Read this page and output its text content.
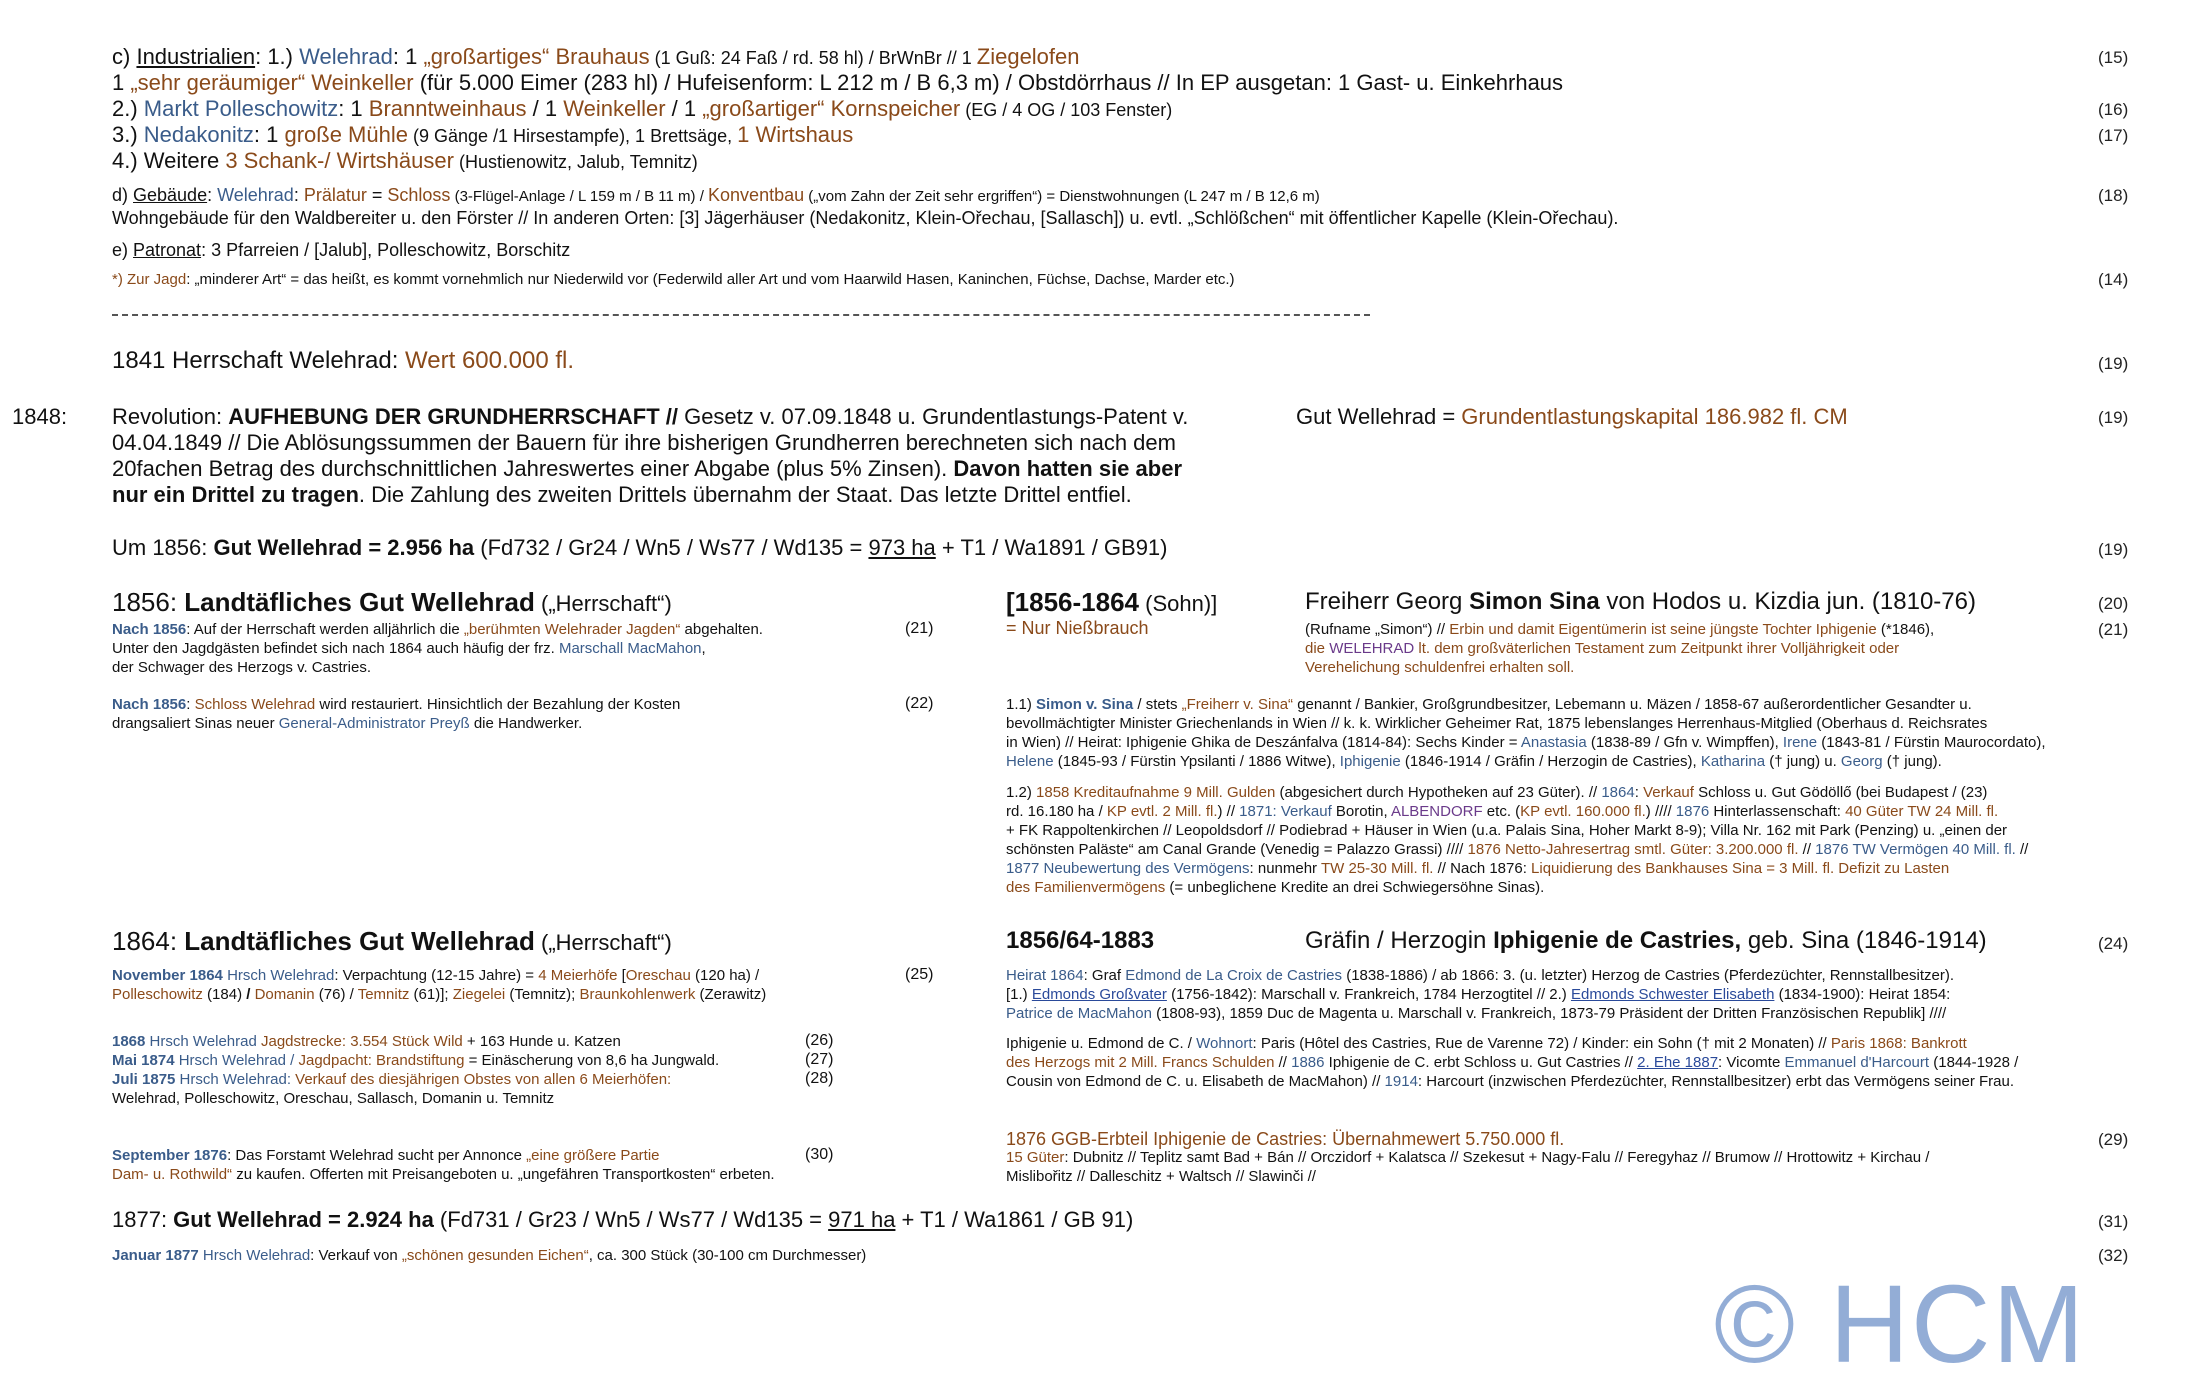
c) Industrialien: 1.) Welehrad: 1 „großartiges“ Brauhaus (1 Guß: 24 Faß / rd. 58 hl) / BrWnBr // 1 Ziegelofen	(15)
1 „sehr geräumiger“ Weinkeller (für 5.000 Eimer (283 hl) / Hufeisenform: L 212 m / B 6,3 m) / Obstdörrhaus // In EP ausgetan: 1 Gast- u. Einkehrhaus
2.) Markt Polleschowitz: 1 Branntweinhaus / 1 Weinkeller / 1 „großartiger“ Kornspeicher (EG / 4 OG / 103 Fenster)	(16)
3.) Nedakonitz: 1 große Mühle (9 Gänge /1 Hirsestampfe), 1 Brettsäge, 1 Wirtshaus	(17)
4.) Weitere 3 Schank-/ Wirtshäuser (Hustienowitz, Jalub, Temnitz)
d) Gebäude: Welehrad: Prälatur = Schloss (3-Flügel-Anlage / L 159 m / B 11 m) / Konventbau („vom Zahn der Zeit sehr ergriffen“) = Dienstwohnungen (L 247 m / B 12,6 m)	(18)
Wohngebäude für den Waldbereiter u. den Förster // In anderen Orten: [3] Jägerhäuser (Nedakonitz, Klein-Ořechau, [Sallasch]) u. evtl. „Schlößchen“ mit öffentlicher Kapelle (Klein-Ořechau).
e) Patronat: 3 Pfarreien / [Jalub], Polleschowitz, Borschitz
*) Zur Jagd: „minderer Art“ = das heißt, es kommt vornehmlich nur Niederwild vor (Federwild aller Art und vom Haarwild Hasen, Kaninchen, Füchse, Dachse, Marder etc.)	(14)
1841 Herrschaft Welehrad: Wert 600.000 fl.	(19)
1848: Revolution: AUFHEBUNG DER GRUNDHERRSCHAFT // Gesetz v. 07.09.1848 u. Grundentlastungs-Patent v. 04.04.1849 // Die Ablösungssummen der Bauern für ihre bisherigen Grundherren berechneten sich nach dem 20fachen Betrag des durchschnittlichen Jahreswertes einer Abgabe (plus 5% Zinsen). Davon hatten sie aber nur ein Drittel zu tragen. Die Zahlung des zweiten Drittels übernahm der Staat. Das letzte Drittel entfiel.
Gut Wellehrad = Grundentlastungskapital 186.982 fl. CM	(19)
Um 1856: Gut Wellehrad = 2.956 ha (Fd732 / Gr24 / Wn5 / Ws77 / Wd135 = 973 ha + T1 / Wa1891 / GB91)	(19)
1856: Landtäfliches Gut Wellehrad („Herrschaft“)
Nach 1856: Auf der Herrschaft werden alljährlich die „berühmten Welehrader Jagden“ abgehalten.
Unter den Jagdgästen befindet sich nach 1864 auch häufig der frz. Marschall MacMahon,
der Schwager des Herzogs v. Castries.
(21)
Nach 1856: Schloss Welehrad wird restauriert. Hinsichtlich der Bezahlung der Kosten
drangsaliert Sinas neuer General-Administrator Preyß die Handwerker.
(22)
[1856-1864 (Sohn)]
= Nur Nießbrauch
Freiherr Georg Simon Sina von Hodos u. Kizdia jun. (1810-76)	(20)
(Rufname „Simon“) // Erbin und damit Eigentümerin ist seine jüngste Tochter Iphigenie (*1846),	(21)
die WELEHRAD lt. dem großväterlichen Testament zum Zeitpunkt ihrer Volljährigkeit oder
Verehelichung schuldenfrei erhalten soll.
1.1) Simon v. Sina / stets „Freiherr v. Sina“ genannt / Bankier, Großgrundbesitzer, Lebemann u. Mäzen / 1858-67 außerordentlicher Gesandter u.
bevollmächtigter Minister Griechenlands in Wien // k. k. Wirklicher Geheimer Rat, 1875 lebenslanges Herrenhaus-Mitglied (Oberhaus d. Reichsrates
in Wien) // Heirat: Iphigenie Ghika de Deszánfalva (1814-84): Sechs Kinder = Anastasia (1838-89 / Gfn v. Wimpffen), Irene (1843-81 / Fürstin Maurocordato),
Helene (1845-93 / Fürstin Ypsilanti / 1886 Witwe), Iphigenie (1846-1914 / Gräfin / Herzogin de Castries), Katharina († jung) u. Georg († jung).
1.2) 1858 Kreditaufnahme 9 Mill. Gulden (abgesichert durch Hypotheken auf 23 Güter). // 1864: Verkauf Schloss u. Gut Gödöllő (bei Budapest / (23)
rd. 16.180 ha / KP evtl. 2 Mill. fl.) // 1871: Verkauf Borotin, ALBENDORF etc. (KP evtl. 160.000 fl.) //// 1876 Hinterlassenschaft: 40 Güter TW 24 Mill. fl.
+ FK Rappoltenkirchen // Leopoldsdorf // Podiebrad + Häuser in Wien (u.a. Palais Sina, Hoher Markt 8-9); Villa Nr. 162 mit Park (Penzing) u. „einen der
schönsten Paläste“ am Canal Grande (Venedig = Palazzo Grassi) //// 1876 Netto-Jahresertrag smtl. Güter: 3.200.000 fl. // 1876 TW Vermögen 40 Mill. fl. //
1877 Neubewertung des Vermögens: nunmehr TW 25-30 Mill. fl. // Nach 1876: Liquidierung des Bankhauses Sina = 3 Mill. fl. Defizit zu Lasten
des Familienvermögens (= unbeglichene Kredite an drei Schwiegersöhne Sinas).
1864: Landtäfliches Gut Wellehrad („Herrschaft“)
November 1864 Hrsch Welehrad: Verpachtung (12-15 Jahre) = 4 Meierhöfe [Oreschau (120 ha) /
Polleschowitz (184) / Domanin (76) / Temnitz (61)]; Ziegelei (Temnitz); Braunkohlenwerk (Zerawitz)
(25)
1868 Hrsch Welehrad Jagdstrecke: 3.554 Stück Wild + 163 Hunde u. Katzen	(26)
Mai 1874 Hrsch Welehrad / Jagdpacht: Brandstiftung = Einäscherung von 8,6 ha Jungwald.	(27)
Juli 1875 Hrsch Welehrad: Verkauf des diesjährigen Obstes von allen 6 Meierhöfen:	(28)
Welehrad, Polleschowitz, Oreschau, Sallasch, Domanin u. Temnitz
September 1876: Das Forstamt Welehrad sucht per Annonce „eine größere Partie	(30)
Dam- u. Rothwild“ zu kaufen. Offerten mit Preisangeboten u. „ungefähren Transportkosten“ erbeten.
1856/64-1883	Gräfin / Herzogin Iphigenie de Castries, geb. Sina (1846-1914)	(24)
Heirat 1864: Graf Edmond de La Croix de Castries (1838-1886) / ab 1866: 3. (u. letzter) Herzog de Castries (Pferdezüchter, Rennstallbesitzer).
[1.) Edmonds Großvater (1756-1842): Marschall v. Frankreich, 1784 Herzogtitel // 2.) Edmonds Schwester Elisabeth (1834-1900): Heirat 1854:
Patrice de MacMahon (1808-93), 1859 Duc de Magenta u. Marschall v. Frankreich, 1873-79 Präsident der Dritten Französischen Republik] ////
Iphigenie u. Edmond de C. / Wohnort: Paris (Hôtel des Castries, Rue de Varenne 72) / Kinder: ein Sohn († mit 2 Monaten) // Paris 1868: Bankrott
des Herzogs mit 2 Mill. Francs Schulden // 1886 Iphigenie de C. erbt Schloss u. Gut Castries // 2. Ehe 1887: Vicomte Emmanuel d'Harcourt (1844-1928 /
Cousin von Edmond de C. u. Elisabeth de MacMahon) // 1914: Harcourt (inzwischen Pferdezüchter, Rennstallbesitzer) erbt das Vermögens seiner Frau.
1876 GGB-Erbteil Iphigenie de Castries: Übernahmewert 5.750.000 fl.	(29)
15 Güter: Dubnitz // Teplitz samt Bad + Bán // Orczidorf + Kalatsca // Szekesut + Nagy-Falu // Feregyhaz // Brumow // Hrottowitz + Kirchau /
Mislibořitz // Dalleschitz + Waltsch // Slawinči //
1877: Gut Wellehrad = 2.924 ha (Fd731 / Gr23 / Wn5 / Ws77 / Wd135 = 971 ha + T1 / Wa1861 / GB 91)	(31)
Januar 1877 Hrsch Welehrad: Verkauf von „schönen gesunden Eichen“, ca. 300 Stück (30-100 cm Durchmesser)	(32)
© HCM
